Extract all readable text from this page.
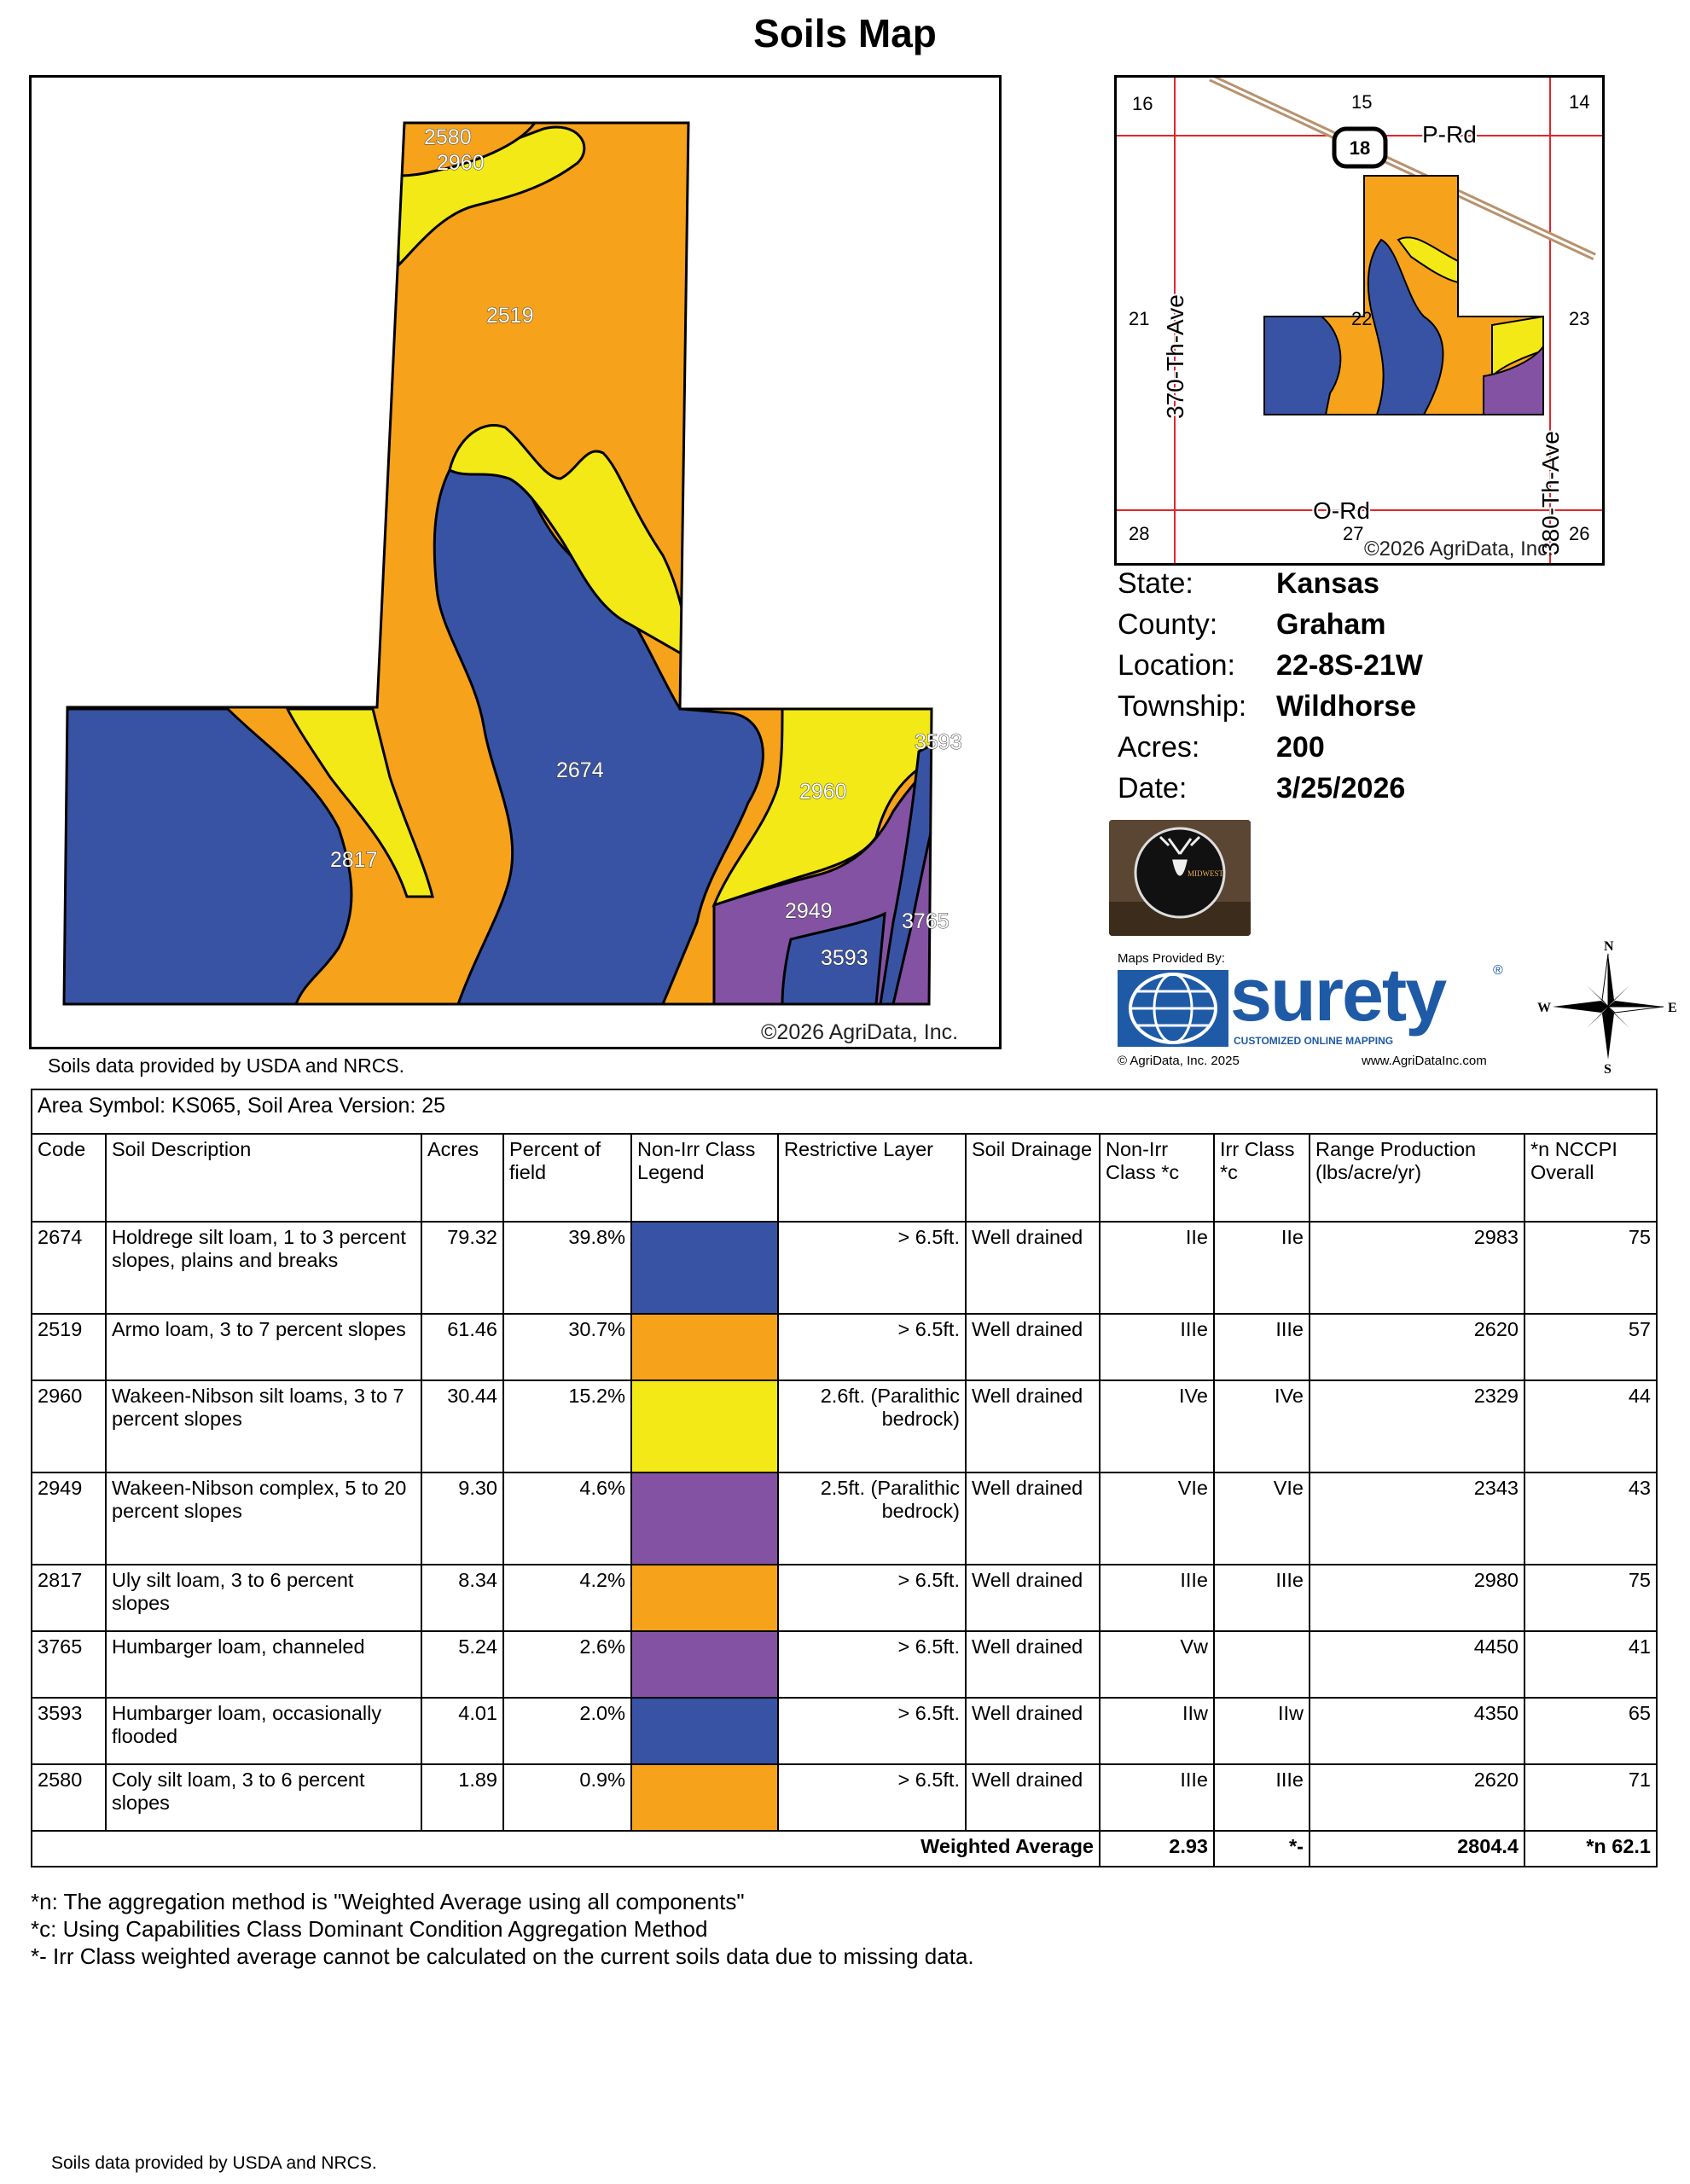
Soils Map
2580
2960
2519
2674
2817
3593
2960
2949	3765
3593
©2026 AgriData, Inc.
Soils data provided by USDA and NRCS.
18
16	15	14
21	22	23
28	27	26
P-Rd
O-Rd
370-Th-Ave
380-Th-Ave
©2026 AgriData, Inc.
State:	Kansas
County:	Graham
Location:	22-8S-21W
Township:	Wildhorse
Acres:	200
Date:	3/25/2026
MIDWEST
Maps Provided By: surety	®
CUSTOMIZED ONLINE MAPPING
© AgriData, Inc. 2025	www.AgriDataInc.com
N
S
W	E
Area Symbol: KS065, Soil Area Version: 25										
Code	Soil Description	Acres	Percent of field	Non-Irr Class Legend	Restrictive Layer	Soil Drainage	Non-Irr Class *c	Irr Class *c	Range Production (lbs/acre/yr)	*n NCCPI Overall
2674	Holdrege silt loam, 1 to 3 percent slopes, plains and breaks	79.32	39.8%		> 6.5ft.	Well drained	IIe	IIe	2983	75
2519	Armo loam, 3 to 7 percent slopes	61.46	30.7%		> 6.5ft.	Well drained	IIIe	IIIe	2620	57
2960	Wakeen-Nibson silt loams, 3 to 7 percent slopes	30.44	15.2%		2.6ft. (Paralithic bedrock)	Well drained	IVe	IVe	2329	44
2949	Wakeen-Nibson complex, 5 to 20 percent slopes	9.30	4.6%		2.5ft. (Paralithic bedrock)	Well drained	VIe	VIe	2343	43
2817	Uly silt loam, 3 to 6 percent slopes	8.34	4.2%		> 6.5ft.	Well drained	IIIe	IIIe	2980	75
3765	Humbarger loam, channeled	5.24	2.6%		> 6.5ft.	Well drained	Vw		4450	41
3593	Humbarger loam, occasionally flooded	4.01	2.0%		> 6.5ft.	Well drained	IIw	IIw	4350	65
2580	Coly silt loam, 3 to 6 percent slopes	1.89	0.9%		> 6.5ft.	Well drained	IIIe	IIIe	2620	71
Weighted Average							2.93	*-	2804.4	*n 62.1
*n: The aggregation method is "Weighted Average using all components"
*c: Using Capabilities Class Dominant Condition Aggregation Method
*- Irr Class weighted average cannot be calculated on the current soils data due to missing data.
Soils data provided by USDA and NRCS.
